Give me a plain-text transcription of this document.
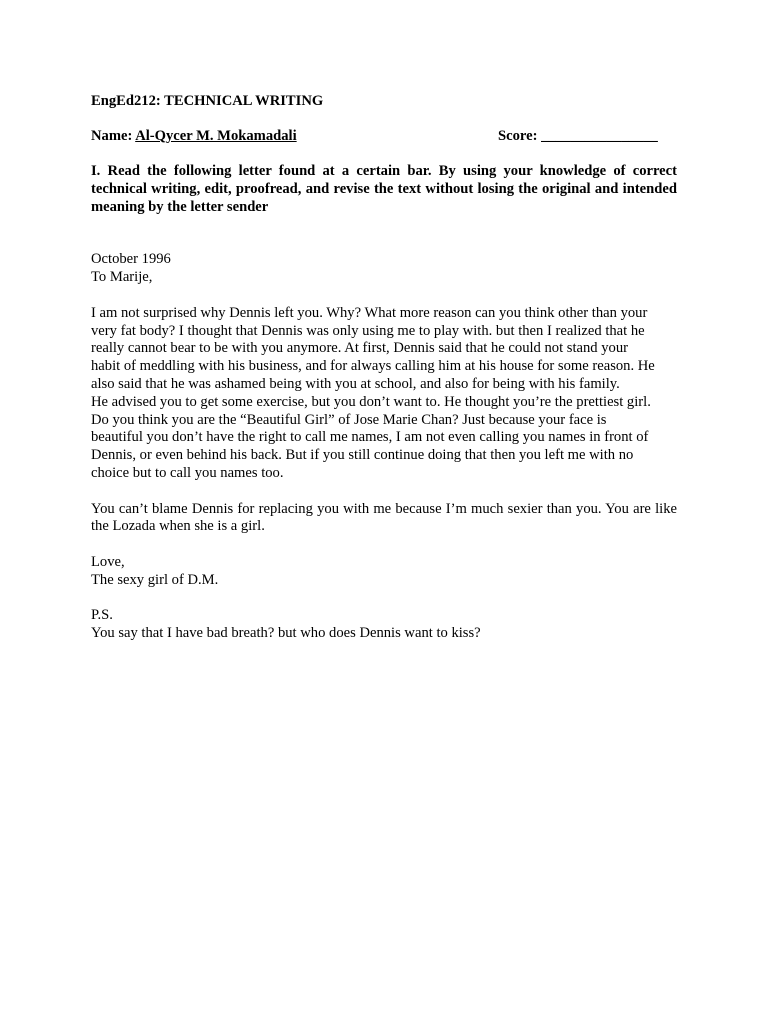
EngEd212: TECHNICAL WRITING

Name: Al-Qycer M. Mokamadali	Score: ________________
I. Read the following letter found at a certain bar. By using your knowledge of correct technical writing, edit, proofread, and revise the text without losing the original and intended meaning by the letter sender
October 1996
To Marije,
I am not surprised why Dennis left you. Why? What more reason can you think other than your
very fat body? I thought that Dennis was only using me to play with. but then I realized that he
really cannot bear to be with you anymore. At first, Dennis said that he could not stand your
habit of meddling with his business, and for always calling him at his house for some reason. He
also said that he was ashamed being with you at school, and also for being with his family.
He advised you to get some exercise, but you don’t want to. He thought you’re the prettiest girl.
Do you think you are the “Beautiful Girl” of Jose Marie Chan? Just because your face is
beautiful you don’t have the right to call me names, I am not even calling you names in front of
Dennis, or even behind his back. But if you still continue doing that then you left me with no
choice but to call you names too.
You can’t blame Dennis for replacing you with me because I’m much sexier than you. You are like the Lozada when she is a girl.
Love,
The sexy girl of D.M.
P.S.
You say that I have bad breath? but who does Dennis want to kiss?
